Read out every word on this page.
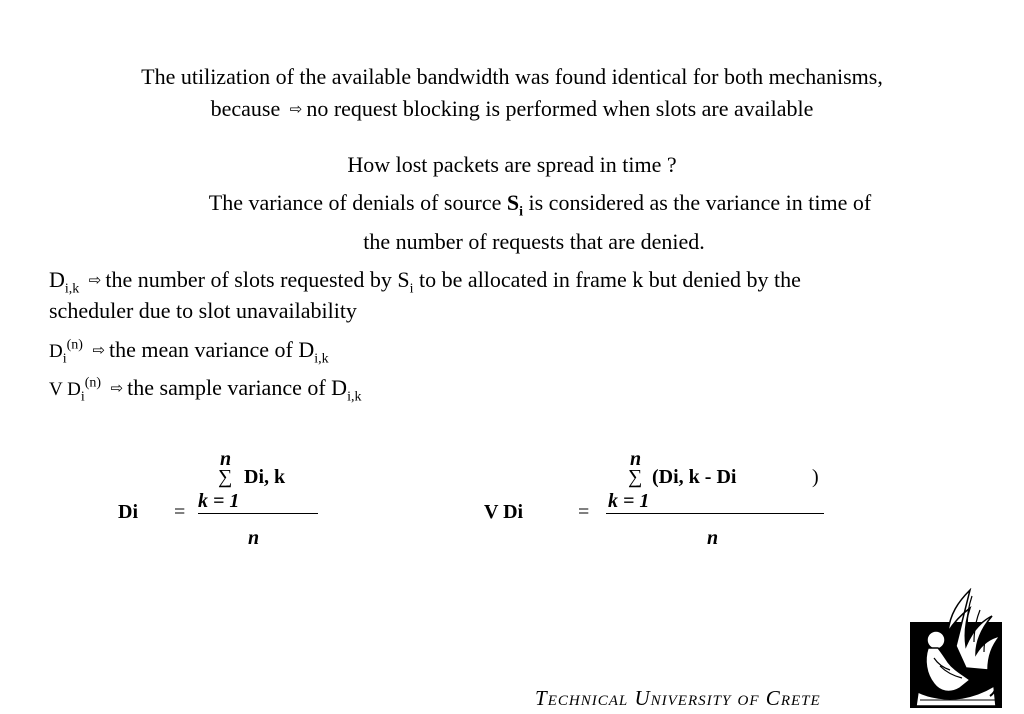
The utilization of the available bandwidth was found identical for both mechanisms,
because ⇨ no request blocking is performed when slots are available
How lost packets are spread in time ?
The variance of denials of source $S_i$ is considered as the variance in time of
the number of requests that are denied.
$D_{i,k}$ ⇨ the number of slots requested by $S_i$ to be allocated in frame k but denied by the
scheduler due to slot unavailability
$D_i^{(n)}$ ⇨ the mean variance of $D_{i,k}$
V $D_i^{(n)}$ ⇨ the sample variance of $D_{i,k}$
n
∑ Di, k
k = 1
Di =
n
n
∑ (Di, k - Di	)
k = 1
V Di	=
n
TECHNICAL UNIVERSITY OF CRETE
